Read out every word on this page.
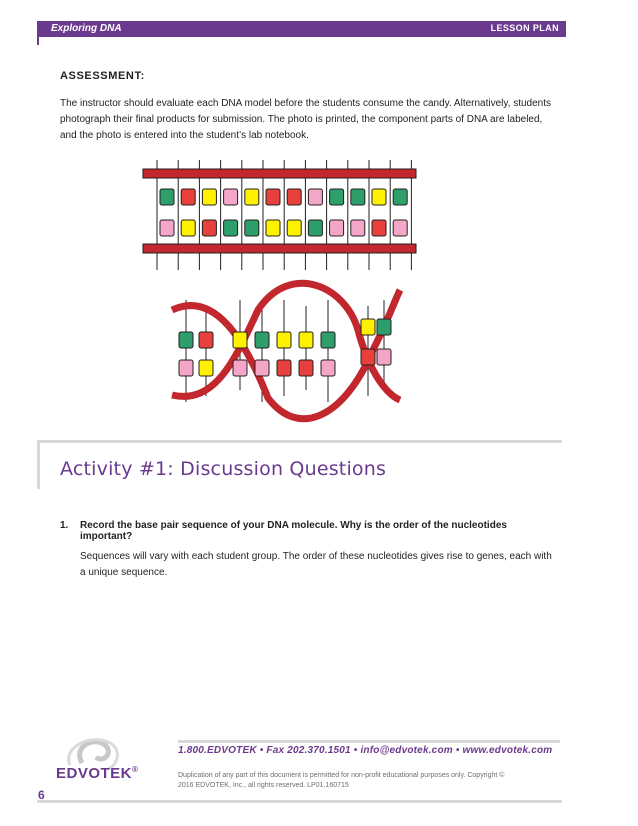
Exploring DNA	LESSON PLAN
ASSESSMENT:
The instructor should evaluate each DNA model before the students consume the candy. Alternatively, students photograph their final products for submission. The photo is printed, the component parts of DNA are labeled, and the photo is entered into the student’s lab notebook.
Activity #1: Discussion Questions
1. Record the base pair sequence of your DNA molecule. Why is the order of the nucleotides important?
Sequences will vary with each student group. The order of these nucleotides gives rise to genes, each with a unique sequence.
1.800.EDVOTEK • Fax 202.370.1501 • info@edvotek.com • www.edvotek.com
Duplication of any part of this document is permitted for non-profit educational purposes only. Copyright © 2016 EDVOTEK, Inc., all rights reserved. LP01.160715
EDVOTEK®
6
